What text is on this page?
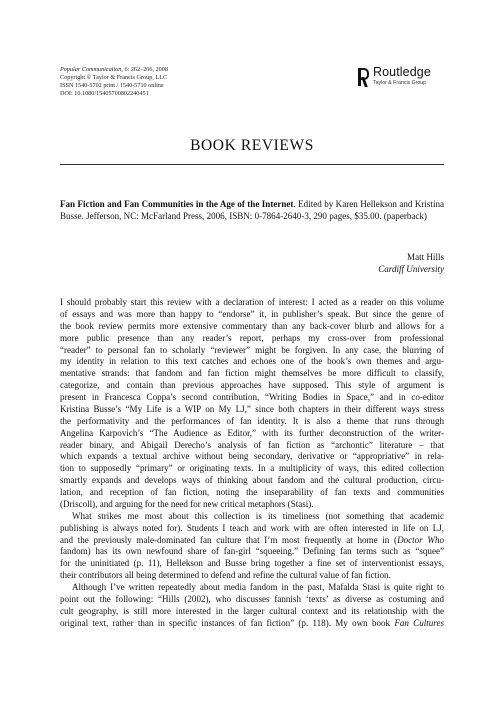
Popular Communication, 6: 262–266, 2008
Copyright © Taylor & Francis Group, LLC
ISSN 1540-5702 print / 1540-5710 online
DOI: 10.1080/15405700802240451
Routledge
Taylor & Francis Group
BOOK REVIEWS
Fan Fiction and Fan Communities in the Age of the Internet. Edited by Karen Hellekson and Kristina Busse. Jefferson, NC: McFarland Press, 2006, ISBN: 0-7864-2640-3, 290 pages, $35.00. (paperback)
Matt Hills
Cardiff University
I should probably start this review with a declaration of interest: I acted as a reader on this volume
of essays and was more than happy to “endorse” it, in publisher’s speak. But since the genre of
the book review permits more extensive commentary than any back-cover blurb and allows for a
more public presence than any reader’s report, perhaps my cross-over from professional
“reader” to personal fan to scholarly “reviewer” might be forgiven. In any case, the blurring of
my identity in relation to this text catches and echoes one of the book’s own themes and argu-
mentative strands: that fandom and fan fiction might themselves be more difficult to classify,
categorize, and contain than previous approaches have supposed. This style of argument is
present in Francesca Coppa’s second contribution, “Writing Bodies in Space,” and in co-editor
Kristina Busse’s “My Life is a WIP on My LJ,” since both chapters in their different ways stress
the performativity and the performances of fan identity. It is also a theme that runs through
Angelina Karpovich’s “The Audience as Editor,” with its further deconstruction of the writer-
reader binary, and Abigail Derecho’s analysis of fan fiction as “archontic” literature – that
which expands a textual archive without being secondary, derivative or “appropriative” in rela-
tion to supposedly “primary” or originating texts. In a multiplicity of ways, this edited collection
smartly expands and develops ways of thinking about fandom and the cultural production, circu-
lation, and reception of fan fiction, noting the inseparability of fan texts and communities
(Driscoll), and arguing for the need for new critical metaphors (Stasi).
What strikes me most about this collection is its timeliness (not something that academic
publishing is always noted for). Students I teach and work with are often interested in life on LJ,
and the previously male-dominated fan culture that I’m most frequently at home in (Doctor Who
fandom) has its own newfound share of fan-girl “squeeing.” Defining fan terms such as “squee”
for the uninitiated (p. 11), Hellekson and Busse bring together a fine set of interventionist essays,
their contributors all being determined to defend and refine the cultural value of fan fiction.
Although I’ve written repeatedly about media fandom in the past, Mafalda Stasi is quite right to
point out the following: “Hills (2002), who discusses fannish ‘texts’ as diverse as costuming and
cult geography, is still more interested in the larger cultural context and its relationship with the
original text, rather than in specific instances of fan fiction” (p. 118). My own book Fan Cultures
